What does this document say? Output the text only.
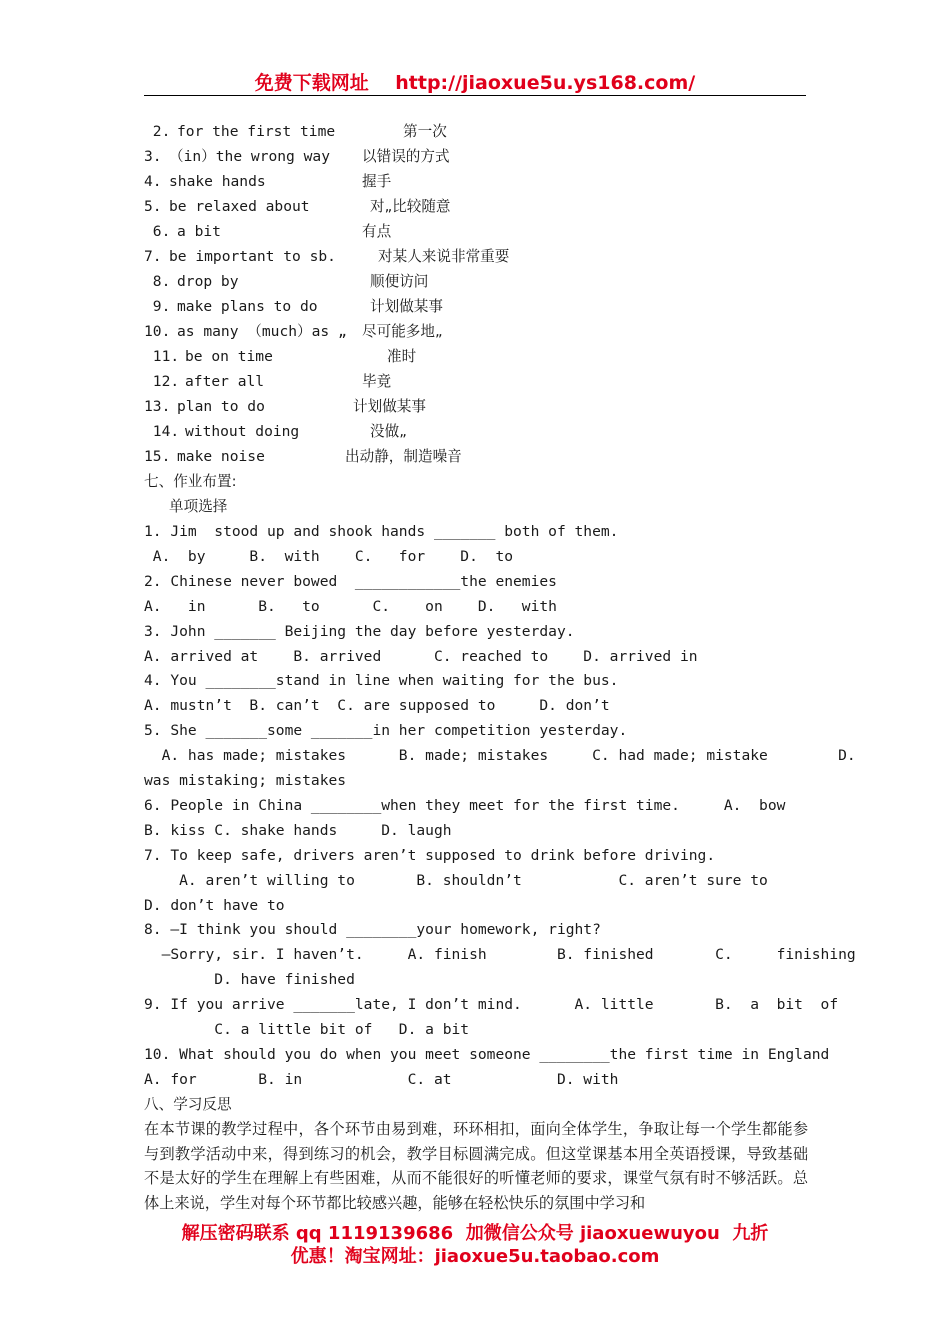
免费下载网址    http://jiaoxue5u.ys168.com/
2. for the first time	第一次
3. （in）the wrong way 以错误的方式
4. shake hands	握手
5. be relaxed about	对„比较随意
6. a bit	有点
7. be important to sb.	对某人来说非常重要
8. drop by	顺便访问
9. make plans to do	计划做某事
10. as many （much）as „ 尽可能多地„
11. be on time	准时
12. after all	毕竟
13. plan to do	计划做某事
14. without doing	没做„
15. make noise	出动静，制造噪音
七、作业布置:
单项选择
1. Jim  stood up and shook hands _______ both of them.
A.  by     B.  with    C.   for    D.  to
2. Chinese never bowed  ____________the enemies
A.   in      B.   to      C.    on    D.   with
3. John _______ Beijing the day before yesterday.
A. arrived at    B. arrived      C. reached to    D. arrived in
4. You ________stand in line when waiting for the bus.
A. mustn’t  B. can’t  C. are supposed to     D. don’t
5. She _______some _______in her competition yesterday.
A. has made; mistakes      B. made; mistakes     C. had made; mistake        D.
was mistaking; mistakes
6. People in China ________when they meet for the first time.     A.  bow
B. kiss C. shake hands     D. laugh
7. To keep safe, drivers aren’t supposed to drink before driving.
A. aren’t willing to       B. shouldn’t           C. aren’t sure to
D. don’t have to
8. —I think you should ________your homework, right?
—Sorry, sir. I haven’t.     A. finish        B. finished       C.     finishing
D. have finished
9. If you arrive _______late, I don’t mind.      A. little       B.  a  bit  of
C. a little bit of   D. a bit
10. What should you do when you meet someone ________the first time in England
A. for       B. in            C. at            D. with
八、学习反思
在本节课的教学过程中，各个环节由易到难，环环相扣，面向全体学生，争取让每一个学生都能参与到教学活动中来，得到练习的机会，教学目标圆满完成。但这堂课基本用全英语授课，导致基础不是太好的学生在理解上有些困难，从而不能很好的听懂老师的要求，课堂气氛有时不够活跃。总体上来说，学生对每个环节都比较感兴趣，能够在轻松快乐的氛围中学习和
解压密码联系 qq 1119139686  加微信公众号 jiaoxuewuyou  九折
优惠！淘宝网址：jiaoxue5u.taobao.com
